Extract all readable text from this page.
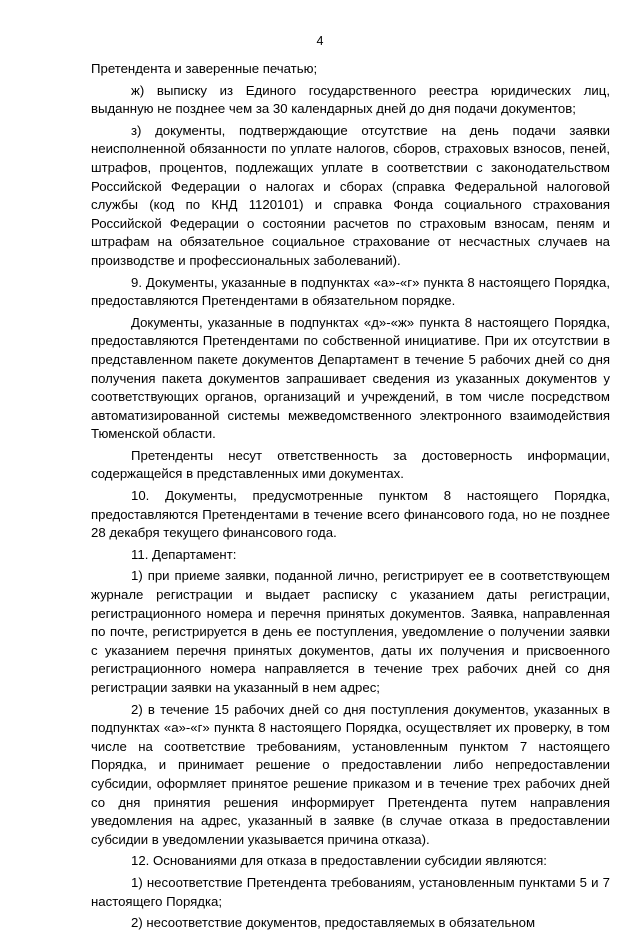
4

Претендента и заверенные печатью;

ж) выписку из Единого государственного реестра юридических лиц, выданную не позднее чем за 30 календарных дней до дня подачи документов;

з) документы, подтверждающие отсутствие на день подачи заявки неисполненной обязанности по уплате налогов, сборов, страховых взносов, пеней, штрафов, процентов, подлежащих уплате в соответствии с законодательством Российской Федерации о налогах и сборах (справка Федеральной налоговой службы (код по КНД 1120101) и справка Фонда социального страхования Российской Федерации о состоянии расчетов по страховым взносам, пеням и штрафам на обязательное социальное страхование от несчастных случаев на производстве и профессиональных заболеваний).

9. Документы, указанные в подпунктах «а»-«г» пункта 8 настоящего Порядка, предоставляются Претендентами в обязательном порядке.

Документы, указанные в подпунктах «д»-«ж» пункта 8 настоящего Порядка, предоставляются Претендентами по собственной инициативе. При их отсутствии в представленном пакете документов Департамент в течение 5 рабочих дней со дня получения пакета документов запрашивает сведения из указанных документов у соответствующих органов, организаций и учреждений, в том числе посредством автоматизированной системы межведомственного электронного взаимодействия Тюменской области.

Претенденты несут ответственность за достоверность информации, содержащейся в представленных ими документах.

10. Документы, предусмотренные пунктом 8 настоящего Порядка, предоставляются Претендентами в течение всего финансового года, но не позднее 28 декабря текущего финансового года.

11. Департамент:

1) при приеме заявки, поданной лично, регистрирует ее в соответствующем журнале регистрации и выдает расписку с указанием даты регистрации, регистрационного номера и перечня принятых документов. Заявка, направленная по почте, регистрируется в день ее поступления, уведомление о получении заявки с указанием перечня принятых документов, даты их получения и присвоенного регистрационного номера направляется в течение трех рабочих дней со дня регистрации заявки на указанный в нем адрес;

2) в течение 15 рабочих дней со дня поступления документов, указанных в подпунктах «а»-«г» пункта 8 настоящего Порядка, осуществляет их проверку, в том числе на соответствие требованиям, установленным пунктом 7 настоящего Порядка, и принимает решение о предоставлении либо непредоставлении субсидии, оформляет принятое решение приказом и в течение трех рабочих дней со дня принятия решения информирует Претендента путем направления уведомления на адрес, указанный в заявке (в случае отказа в предоставлении субсидии в уведомлении указывается причина отказа).

12. Основаниями для отказа в предоставлении субсидии являются:

1) несоответствие Претендента требованиям, установленным пунктами 5 и 7 настоящего Порядка;

2) несоответствие документов, предоставляемых в обязательном
